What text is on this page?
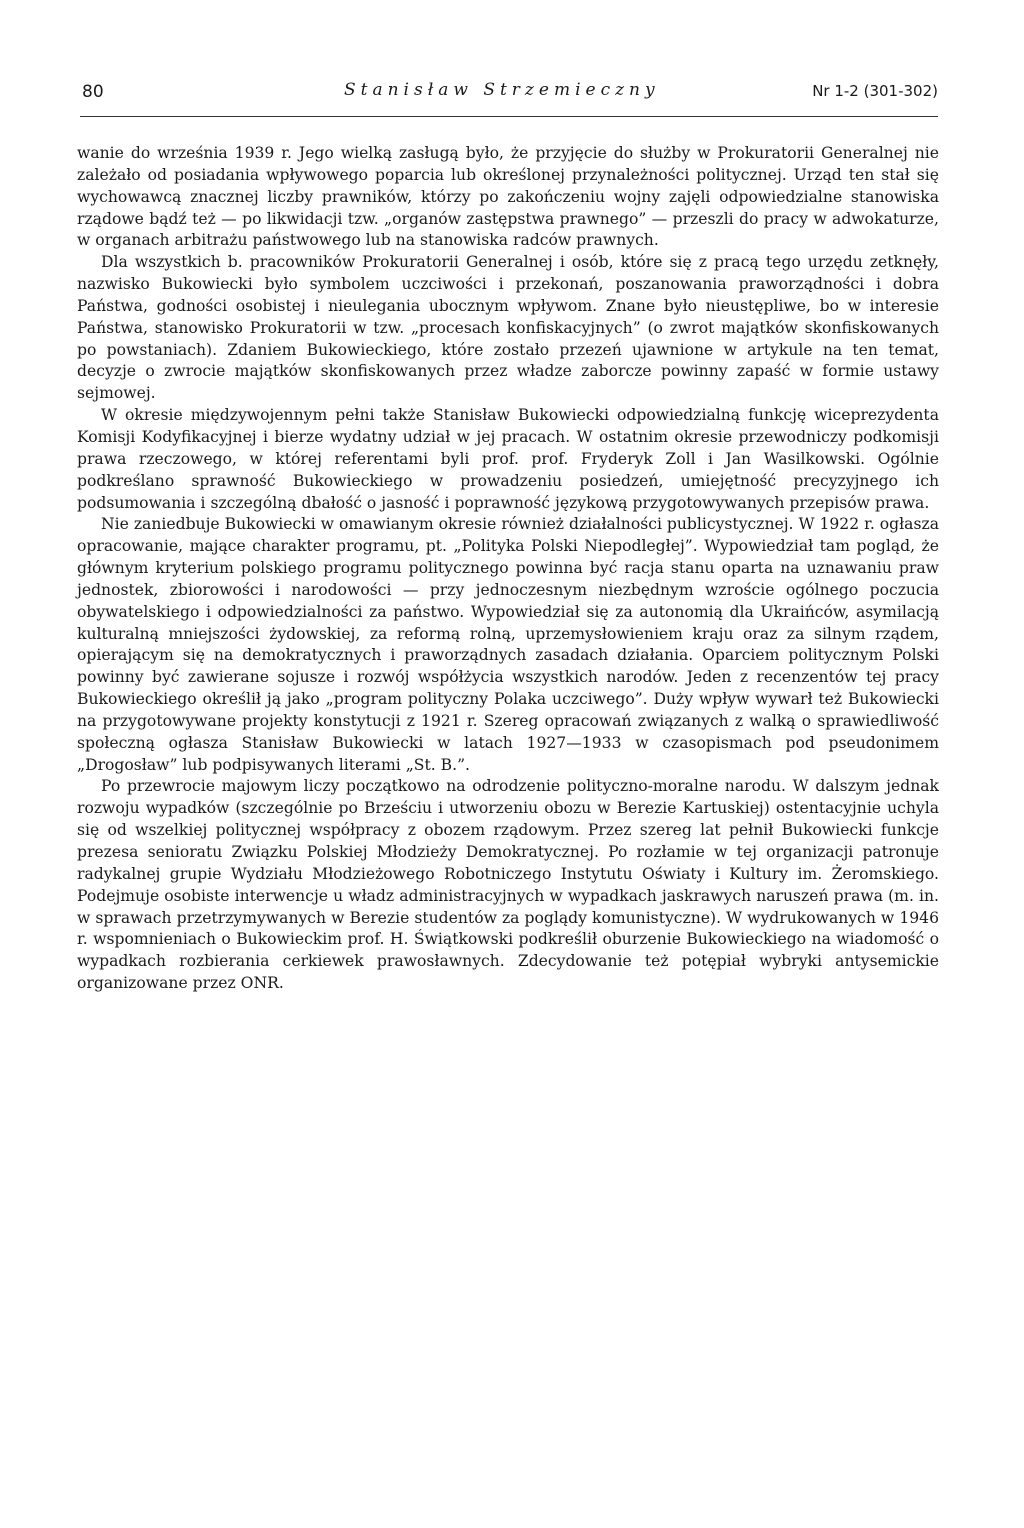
80	Stanisław Strzemieczny	Nr 1-2 (301-302)

wanie do września 1939 r. Jego wielką zasługą było, że przyjęcie do służby w Prokuratorii Generalnej nie zależało od posiadania wpływowego poparcia lub określonej przynależności politycznej. Urząd ten stał się wychowawcą znacznej liczby prawników, którzy po zakończeniu wojny zajęli odpowiedzialne stanowiska rządowe bądź też — po likwidacji tzw. „organów zastępstwa prawnego” — przeszli do pracy w adwokaturze, w organach arbitrażu państwowego lub na stanowiska radców prawnych.

Dla wszystkich b. pracowników Prokuratorii Generalnej i osób, które się z pracą tego urzędu zetknęły, nazwisko Bukowiecki było symbolem uczciwości i przekonań, poszanowania praworządności i dobra Państwa, godności osobistej i nieulegania ubocznym wpływom. Znane było nieustępliwe, bo w interesie Państwa, stanowisko Prokuratorii w tzw. „procesach konfiskacyjnych” (o zwrot majątków skonfiskowanych po powstaniach). Zdaniem Bukowieckiego, które zostało przezeń ujawnione w artykule na ten temat, decyzje o zwrocie majątków skonfiskowanych przez władze zaborcze powinny zapaść w formie ustawy sejmowej.

W okresie międzywojennym pełni także Stanisław Bukowiecki odpowiedzialną funkcję wiceprezydenta Komisji Kodyfikacyjnej i bierze wydatny udział w jej pracach. W ostatnim okresie przewodniczy podkomisji prawa rzeczowego, w której referentami byli prof. prof. Fryderyk Zoll i Jan Wasilkowski. Ogólnie podkreślano sprawność Bukowieckiego w prowadzeniu posiedzeń, umiejętność precyzyjnego ich podsumowania i szczególną dbałość o jasność i poprawność językową przygotowywanych przepisów prawa.

Nie zaniedbuje Bukowiecki w omawianym okresie również działalności publicystycznej. W 1922 r. ogłasza opracowanie, mające charakter programu, pt. „Polityka Polski Niepodległej”. Wypowiedział tam pogląd, że głównym kryterium polskiego programu politycznego powinna być racja stanu oparta na uznawaniu praw jednostek, zbiorowości i narodowości — przy jednoczesnym niezbędnym wzroście ogólnego poczucia obywatelskiego i odpowiedzialności za państwo. Wypowiedział się za autonomią dla Ukraińców, asymilacją kulturalną mniejszości żydowskiej, za reformą rolną, uprzemysłowieniem kraju oraz za silnym rządem, opierającym się na demokratycznych i praworządnych zasadach działania. Oparciem politycznym Polski powinny być zawierane sojusze i rozwój współżycia wszystkich narodów. Jeden z recenzentów tej pracy Bukowieckiego określił ją jako „program polityczny Polaka uczciwego”. Duży wpływ wywarł też Bukowiecki na przygotowywane projekty konstytucji z 1921 r. Szereg opracowań związanych z walką o sprawiedliwość społeczną ogłasza Stanisław Bukowiecki w latach 1927—1933 w czasopismach pod pseudonimem „Drogosław” lub podpisywanych literami „St. B.”.

Po przewrocie majowym liczy początkowo na odrodzenie polityczno-moralne narodu. W dalszym jednak rozwoju wypadków (szczególnie po Brześciu i utworzeniu obozu w Berezie Kartuskiej) ostentacyjnie uchyla się od wszelkiej politycznej współpracy z obozem rządowym. Przez szereg lat pełnił Bukowiecki funkcje prezesa senioratu Związku Polskiej Młodzieży Demokratycznej. Po rozłamie w tej organizacji patronuje radykalnej grupie Wydziału Młodzieżowego Robotniczego Instytutu Oświaty i Kultury im. Żeromskiego. Podejmuje osobiste interwencje u władz administracyjnych w wypadkach jaskrawych naruszeń prawa (m. in. w sprawach przetrzymywanych w Berezie studentów za poglądy komunistyczne). W wydrukowanych w 1946 r. wspomnieniach o Bukowieckim prof. H. Świątkowski podkreślił oburzenie Bukowieckiego na wiadomość o wypadkach rozbierania cerkiewek prawosławnych. Zdecydowanie też potępiał wybryki antysemickie organizowane przez ONR.
